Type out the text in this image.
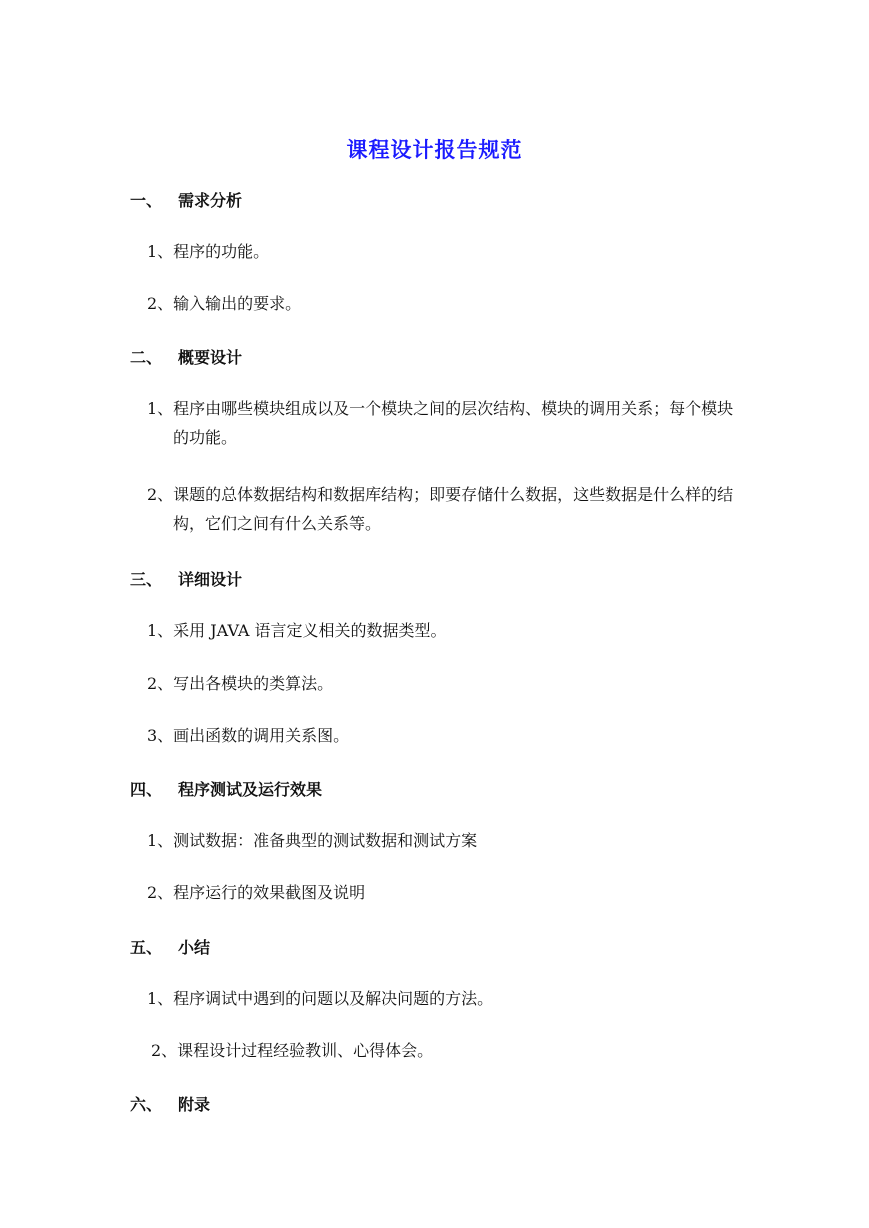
课程设计报告规范
一、 需求分析
1、程序的功能。
2、输入输出的要求。
二、 概要设计
1、程序由哪些模块组成以及一个模块之间的层次结构、模块的调用关系；每个模块
的功能。
2、课题的总体数据结构和数据库结构；即要存储什么数据，这些数据是什么样的结
构，它们之间有什么关系等。
三、 详细设计
1、采用 JAVA 语言定义相关的数据类型。
2、写出各模块的类算法。
3、画出函数的调用关系图。
四、 程序测试及运行效果
1、测试数据：准备典型的测试数据和测试方案
2、程序运行的效果截图及说明
五、 小结
1、程序调试中遇到的问题以及解决问题的方法。
2、课程设计过程经验教训、心得体会。
六、 附录
